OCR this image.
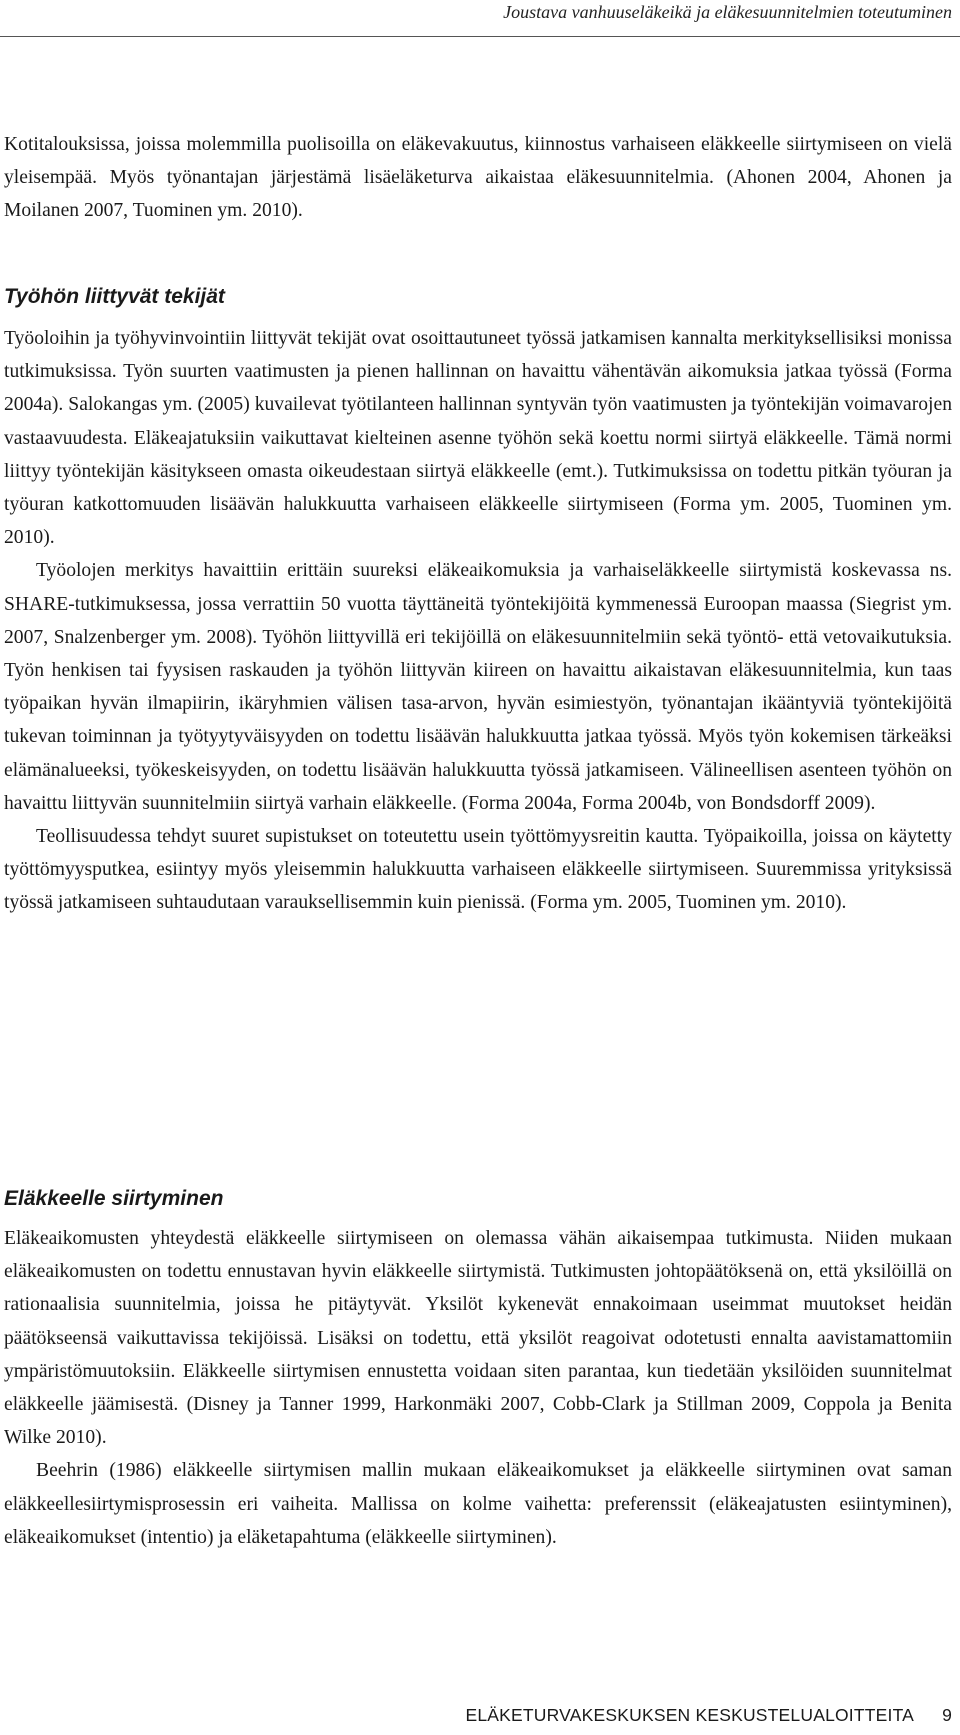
Joustava vanhuuseläkeikä ja eläkesuunnitelmien toteutuminen

Kotitalouksissa, joissa molemmilla puolisoilla on eläkevakuutus, kiinnostus varhaiseen eläkkeelle siirtymiseen on vielä yleisempää. Myös työnantajan järjestämä lisäeläketurva aikaistaa eläkesuunnitelmia. (Ahonen 2004, Ahonen ja Moilanen 2007, Tuominen ym. 2010).

Työhön liittyvät tekijät

Työoloihin ja työhyvinvointiin liittyvät tekijät ovat osoittautuneet työssä jatkamisen kannalta merkityksellisiksi monissa tutkimuksissa. Työn suurten vaatimusten ja pienen hallinnan on havaittu vähentävän aikomuksia jatkaa työssä (Forma 2004a). Salokangas ym. (2005) kuvailevat työtilanteen hallinnan syntyvän työn vaatimusten ja työntekijän voimavarojen vastaavuudesta. Eläkeajatuksiin vaikuttavat kielteinen asenne työhön sekä koettu normi siirtyä eläkkeelle. Tämä normi liittyy työntekijän käsitykseen omasta oikeudestaan siirtyä eläkkeelle (emt.). Tutkimuksissa on todettu pitkän työuran ja työuran katkottomuuden lisäävän halukkuutta varhaiseen eläkkeelle siirtymiseen (Forma ym. 2005, Tuominen ym. 2010).

Työolojen merkitys havaittiin erittäin suureksi eläkeaikomuksia ja varhaiseläkkeelle siirtymistä koskevassa ns. SHARE-tutkimuksessa, jossa verrattiin 50 vuotta täyttäneitä työntekijöitä kymmenessä Euroopan maassa (Siegrist ym. 2007, Snalzenberger ym. 2008). Työhön liittyvillä eri tekijöillä on eläkesuunnitelmiin sekä työntö- että vetovaikutuksia. Työn henkisen tai fyysisen raskauden ja työhön liittyvän kiireen on havaittu aikaistavan eläkesuunnitelmia, kun taas työpaikan hyvän ilmapiirin, ikäryhmien välisen tasa-arvon, hyvän esimiestyön, työnantajan ikääntyviä työntekijöitä tukevan toiminnan ja työtyytyväisyyden on todettu lisäävän halukkuutta jatkaa työssä. Myös työn kokemisen tärkeäksi elämänalueeksi, työkeskeisyyden, on todettu lisäävän halukkuutta työssä jatkamiseen. Välineellisen asenteen työhön on havaittu liittyvän suunnitelmiin siirtyä varhain eläkkeelle. (Forma 2004a, Forma 2004b, von Bondsdorff 2009).

Teollisuudessa tehdyt suuret supistukset on toteutettu usein työttömyysreitin kautta. Työpaikoilla, joissa on käytetty työttömyysputkea, esiintyy myös yleisemmin halukkuutta varhaiseen eläkkeelle siirtymiseen. Suuremmissa yrityksissä työssä jatkamiseen suhtaudutaan varauksellisemmin kuin pienissä. (Forma ym. 2005, Tuominen ym. 2010).

Eläkkeelle siirtyminen

Eläkeaikomusten yhteydestä eläkkeelle siirtymiseen on olemassa vähän aikaisempaa tutkimusta. Niiden mukaan eläkeaikomusten on todettu ennustavan hyvin eläkkeelle siirtymistä. Tutkimusten johtopäätöksenä on, että yksilöillä on rationaalisia suunnitelmia, joissa he pitäytyvät. Yksilöt kykenevät ennakoimaan useimmat muutokset heidän päätökseensä vaikuttavissa tekijöissä. Lisäksi on todettu, että yksilöt reagoivat odotetusti ennalta aavistamattomiin ympäristömuutoksiin. Eläkkeelle siirtymisen ennustetta voidaan siten parantaa, kun tiedetään yksilöiden suunnitelmat eläkkeelle jäämisestä. (Disney ja Tanner 1999, Harkonmäki 2007, Cobb-Clark ja Stillman 2009, Coppola ja Benita Wilke 2010).

Beehrin (1986) eläkkeelle siirtymisen mallin mukaan eläkeaikomukset ja eläkkeelle siirtyminen ovat saman eläkkeellesiirtymisprosessin eri vaiheita. Mallissa on kolme vaihetta: preferenssit (eläkeajatusten esiintyminen), eläkeaikomukset (intentio) ja eläketapahtuma (eläkkeelle siirtyminen).

ELÄKETURVAKESKUKSEN KESKUSTELUALOITTEITA 9
